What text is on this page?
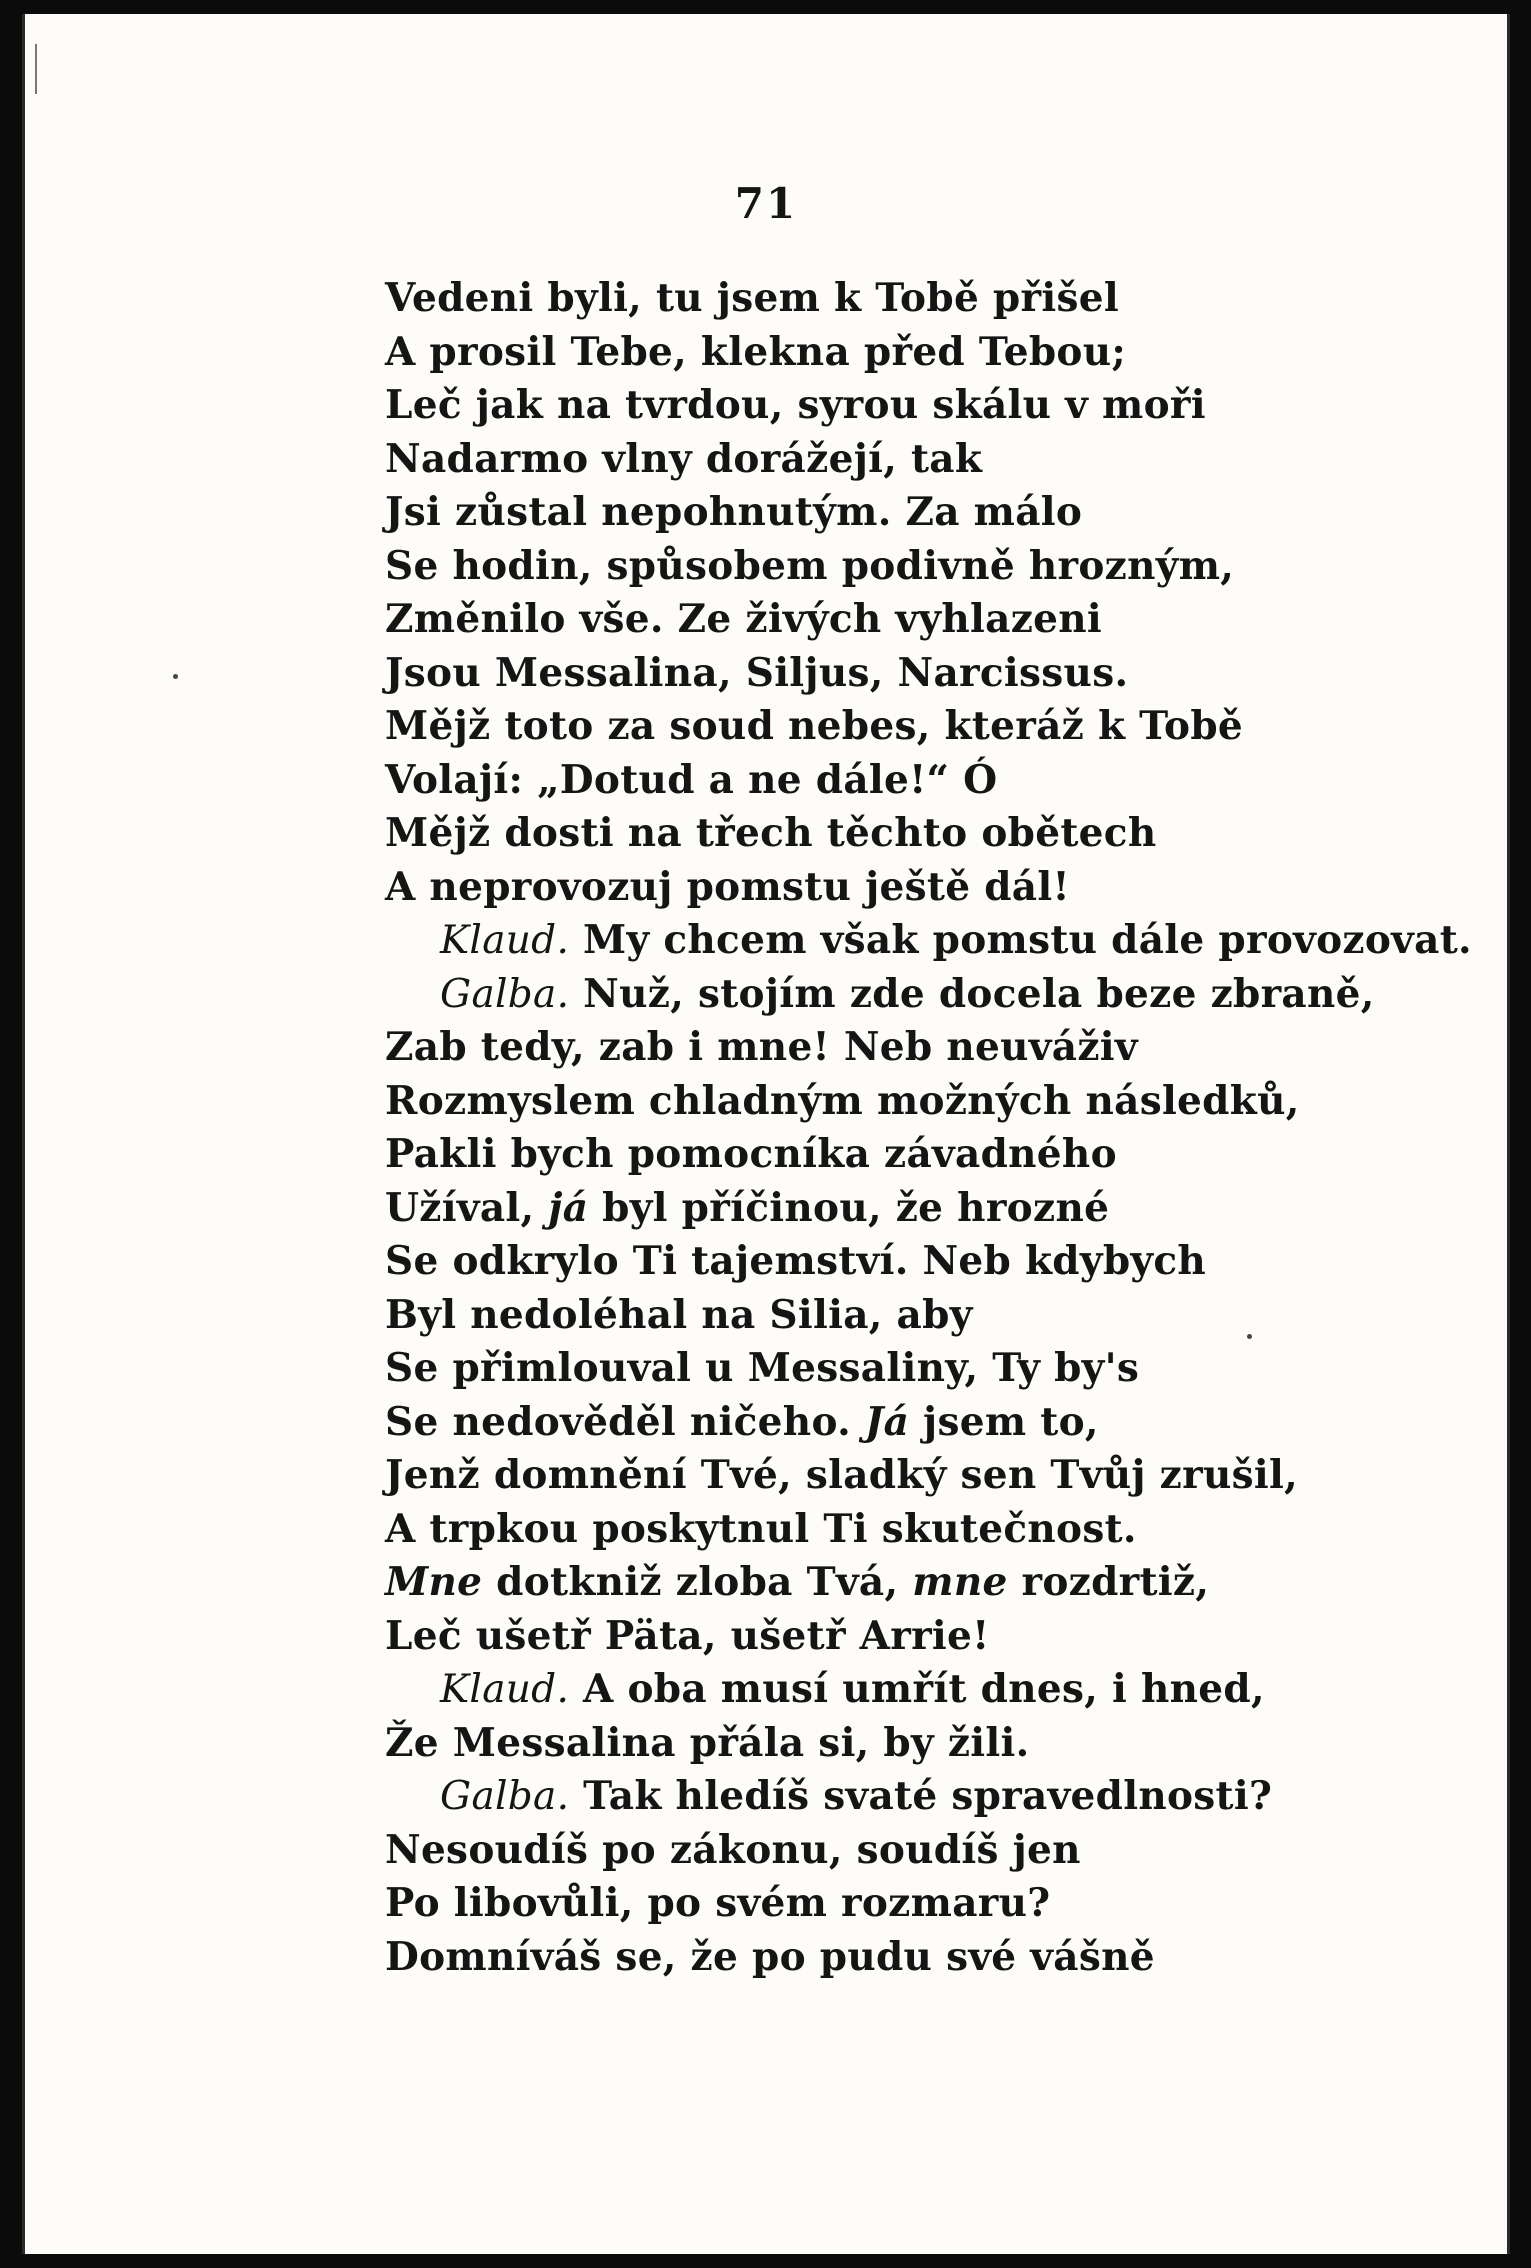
71
Vedeni byli, tu jsem k Tobě přišel
A prosil Tebe, klekna před Tebou;
Leč jak na tvrdou, syrou skálu v moři
Nadarmo vlny dorážejí, tak
Jsi zůstal nepohnutým. Za málo
Se hodin, spůsobem podivně hrozným,
Změnilo vše. Ze živých vyhlazeni
Jsou Messalina, Siljus, Narcissus.
Mějž toto za soud nebes, kteráž k Tobě
Volají: „Dotud a ne dále!“ Ó
Mějž dosti na třech těchto obětech
A neprovozuj pomstu ještě dál!
Klaud. My chcem však pomstu dále provozovat.
Galba. Nuž, stojím zde docela beze zbraně,
Zab tedy, zab i mne! Neb neuváživ
Rozmyslem chladným možných následků,
Pakli bych pomocníka závadného
Užíval, já byl příčinou, že hrozné
Se odkrylo Ti tajemství. Neb kdybych
Byl nedoléhal na Silia, aby
Se přimlouval u Messaliny, Ty by's
Se nedověděl ničeho. Já jsem to,
Jenž domnění Tvé, sladký sen Tvůj zrušil,
A trpkou poskytnul Ti skutečnost.
Mne dotkniž zloba Tvá, mne rozdrtiž,
Leč ušetř Päta, ušetř Arrie!
Klaud. A oba musí umřít dnes, i hned,
Že Messalina přála si, by žili.
Galba. Tak hledíš svaté spravedlnosti?
Nesoudíš po zákonu, soudíš jen
Po libovůli, po svém rozmaru?
Domníváš se, že po pudu své vášně
